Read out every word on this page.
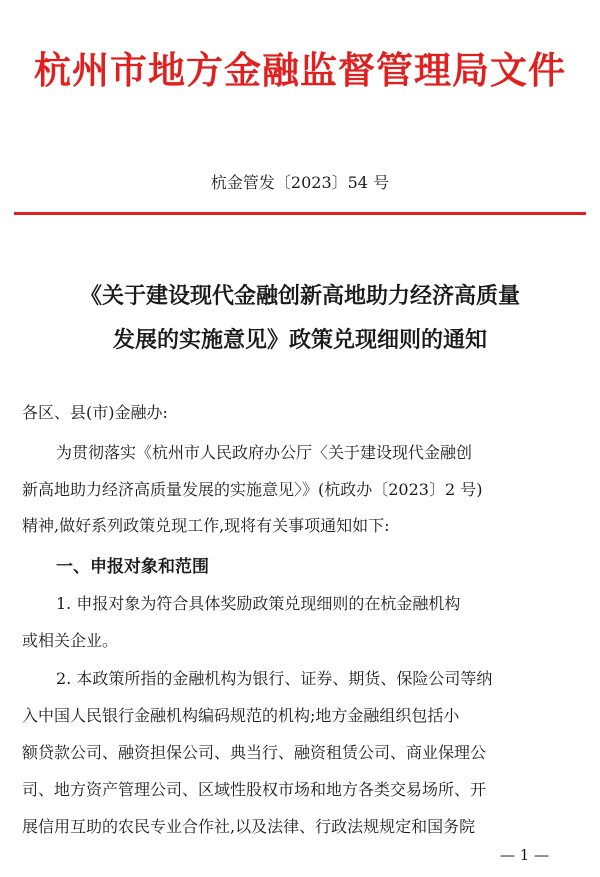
杭州市地方金融监督管理局文件
杭金管发〔2023〕54 号
《关于建设现代金融创新高地助力经济高质量
发展的实施意见》政策兑现细则的通知
各区、县(市)金融办:
为贯彻落实《杭州市人民政府办公厅〈关于建设现代金融创
新高地助力经济高质量发展的实施意见〉》(杭政办〔2023〕2 号)
精神,做好系列政策兑现工作,现将有关事项通知如下:
一、申报对象和范围
1. 申报对象为符合具体奖励政策兑现细则的在杭金融机构
或相关企业。
2. 本政策所指的金融机构为银行、证券、期货、保险公司等纳
入中国人民银行金融机构编码规范的机构;地方金融组织包括小
额贷款公司、融资担保公司、典当行、融资租赁公司、商业保理公
司、地方资产管理公司、区域性股权市场和地方各类交易场所、开
展信用互助的农民专业合作社,以及法律、行政法规规定和国务院
— 1 —
